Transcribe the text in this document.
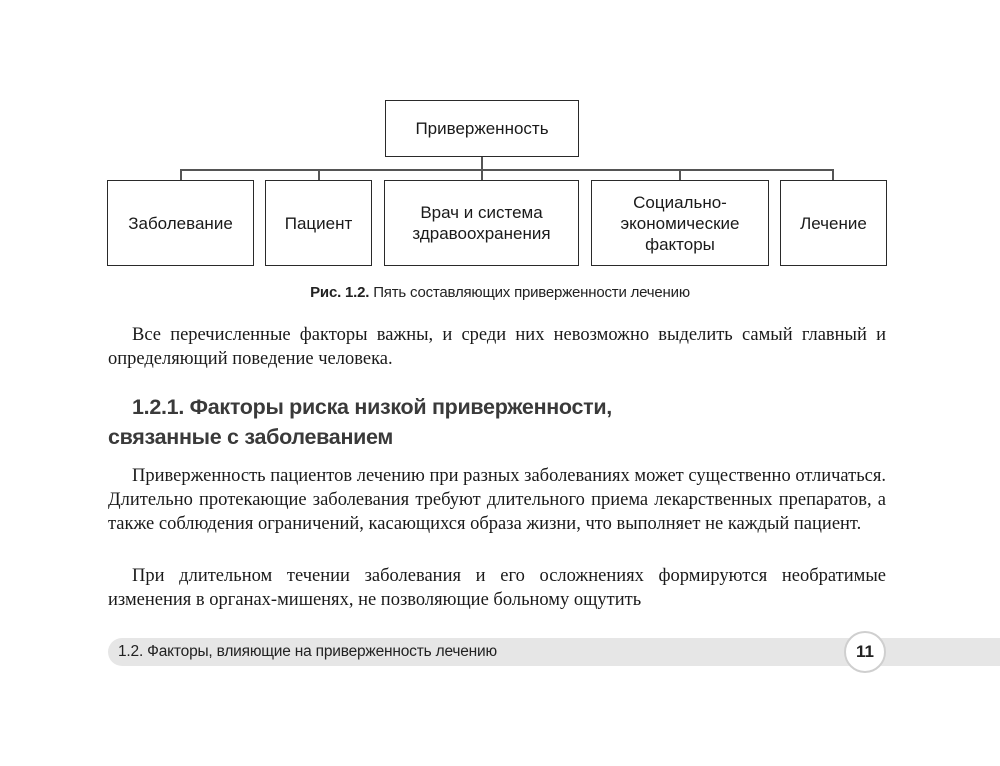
Приверженность
Заболевание	Пациент
Врач и система
здравоохранения
Социально-
экономические
факторы
Лечение
Рис. 1.2. Пять составляющих приверженности лечению

Все перечисленные факторы важны, и среди них невозможно выделить самый главный и определяющий поведение человека.

1.2.1. Факторы риска низкой приверженности,
связанные с заболеванием

Приверженность пациентов лечению при разных заболеваниях может существенно отличаться. Длительно протекающие заболевания требуют длительного приема лекарственных препаратов, а также соблюдения ограничений, касающихся образа жизни, что выполняет не каждый пациент.

При длительном течении заболевания и его осложнениях формируются необратимые изменения в органах-мишенях, не позволяющие больному ощутить

1.2. Факторы, влияющие на приверженность лечению	11
